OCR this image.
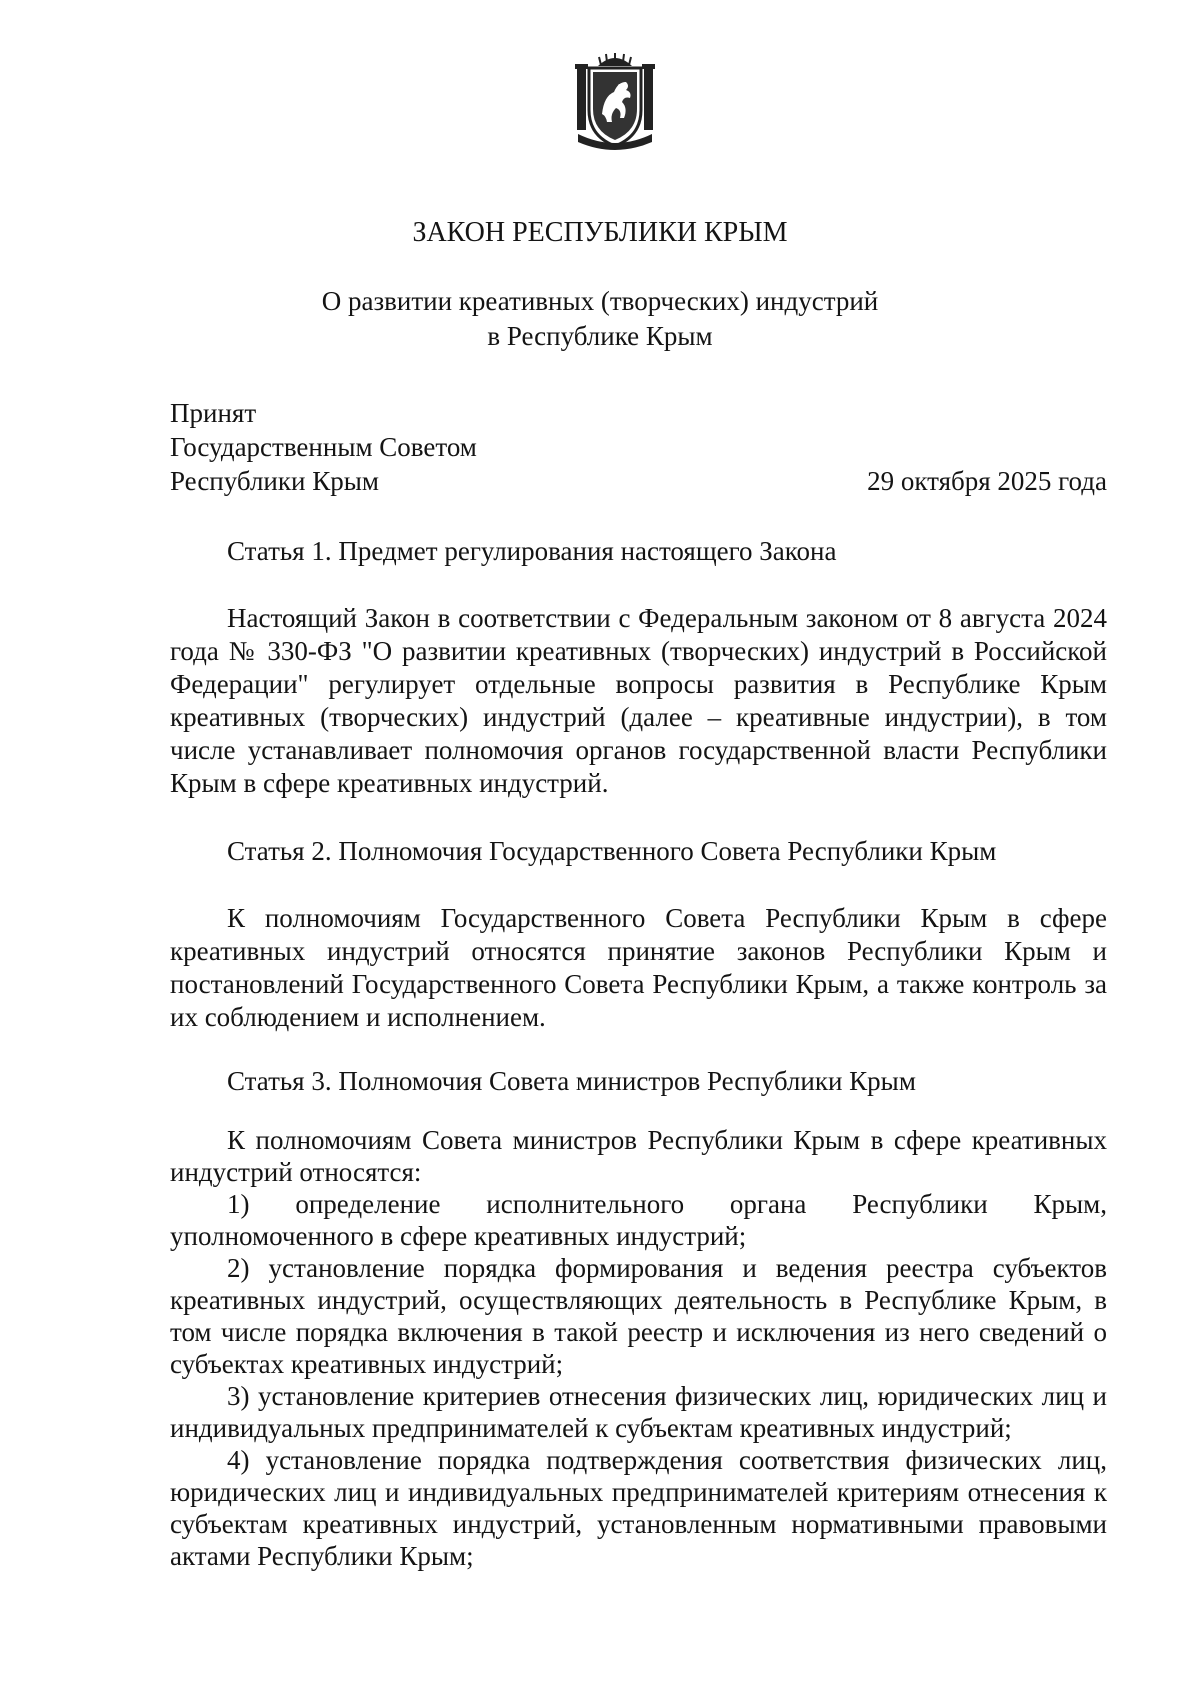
ЗАКОН РЕСПУБЛИКИ КРЫМ
О развитии креативных (творческих) индустрий
в Республике Крым
Принят
Государственным Советом
Республики Крым	29 октября 2025 года
Статья 1. Предмет регулирования настоящего Закона

Настоящий Закон в соответствии с Федеральным законом от 8 августа 2024 года № 330-ФЗ "О развитии креативных (творческих) индустрий в Российской Федерации" регулирует отдельные вопросы развития в Республике Крым креативных (творческих) индустрий (далее – креативные индустрии), в том числе устанавливает полномочия органов государственной власти Республики Крым в сфере креативных индустрий.

Статья 2. Полномочия Государственного Совета Республики Крым

К полномочиям Государственного Совета Республики Крым в сфере креативных индустрий относятся принятие законов Республики Крым и постановлений Государственного Совета Республики Крым, а также контроль за их соблюдением и исполнением.

Статья 3. Полномочия Совета министров Республики Крым

К полномочиям Совета министров Республики Крым в сфере креативных индустрий относятся:

1) определение исполнительного органа Республики Крым, уполномоченного в сфере креативных индустрий;

2) установление порядка формирования и ведения реестра субъектов креативных индустрий, осуществляющих деятельность в Республике Крым, в том числе порядка включения в такой реестр и исключения из него сведений о субъектах креативных индустрий;

3) установление критериев отнесения физических лиц, юридических лиц и индивидуальных предпринимателей к субъектам креативных индустрий;

4) установление порядка подтверждения соответствия физических лиц, юридических лиц и индивидуальных предпринимателей критериям отнесения к субъектам креативных индустрий, установленным нормативными правовыми актами Республики Крым;
